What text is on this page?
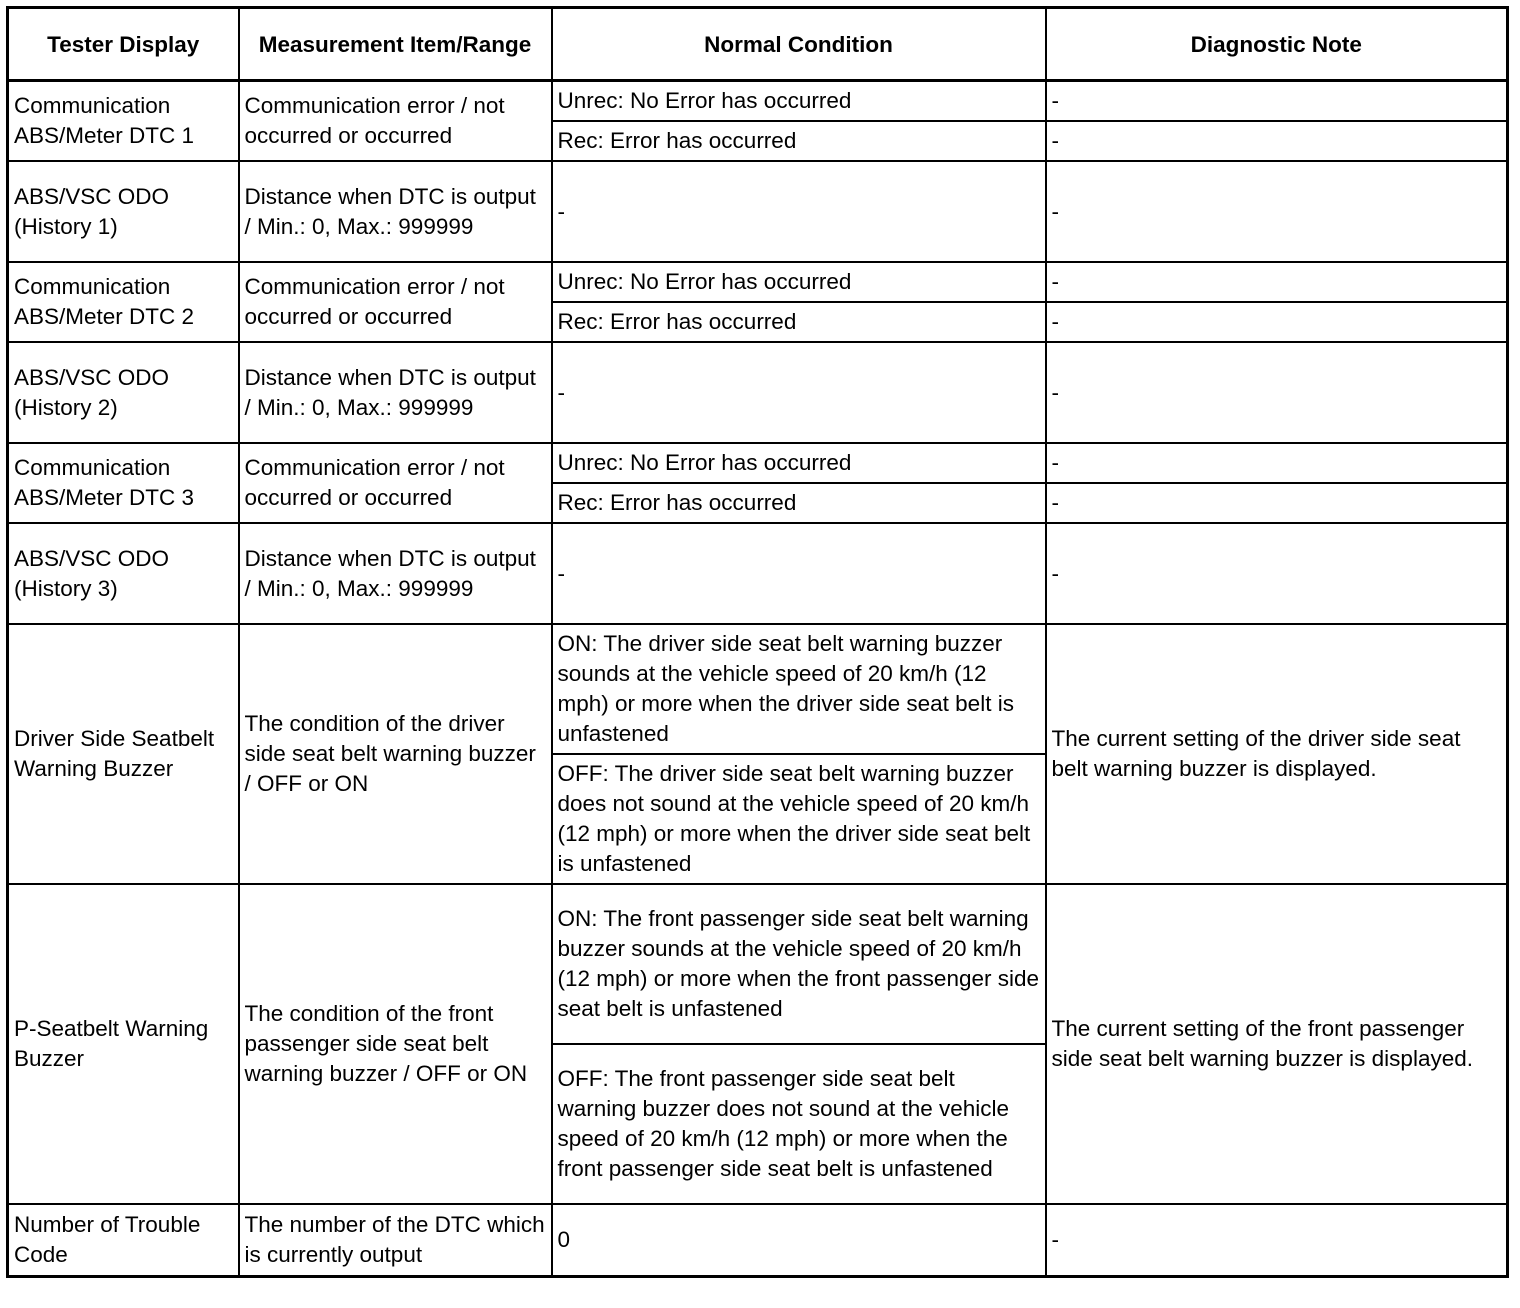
Tester Display	Measurement Item/Range	Normal Condition	Diagnostic Note
Communication ABS/Meter DTC 1	Communication error / not occurred or occurred	Unrec: No Error has occurred	-
		Rec: Error has occurred	-
ABS/VSC ODO (History 1)	Distance when DTC is output / Min.: 0, Max.: 999999	-	-
Communication ABS/Meter DTC 2	Communication error / not occurred or occurred	Unrec: No Error has occurred	-
		Rec: Error has occurred	-
ABS/VSC ODO (History 2)	Distance when DTC is output / Min.: 0, Max.: 999999	-	-
Communication ABS/Meter DTC 3	Communication error / not occurred or occurred	Unrec: No Error has occurred	-
		Rec: Error has occurred	-
ABS/VSC ODO (History 3)	Distance when DTC is output / Min.: 0, Max.: 999999	-	-
Driver Side Seatbelt Warning Buzzer	The condition of the driver side seat belt warning buzzer / OFF or ON	ON: The driver side seat belt warning buzzer sounds at the vehicle speed of 20 km/h (12 mph) or more when the driver side seat belt is unfastened	The current setting of the driver side seat belt warning buzzer is displayed.
		OFF: The driver side seat belt warning buzzer does not sound at the vehicle speed of 20 km/h (12 mph) or more when the driver side seat belt is unfastened	
P-Seatbelt Warning Buzzer	The condition of the front passenger side seat belt warning buzzer / OFF or ON	ON: The front passenger side seat belt warning buzzer sounds at the vehicle speed of 20 km/h (12 mph) or more when the front passenger side seat belt is unfastened	The current setting of the front passenger side seat belt warning buzzer is displayed.
		OFF: The front passenger side seat belt warning buzzer does not sound at the vehicle speed of 20 km/h (12 mph) or more when the front passenger side seat belt is unfastened	
Number of Trouble Code	The number of the DTC which is currently output	0	-
